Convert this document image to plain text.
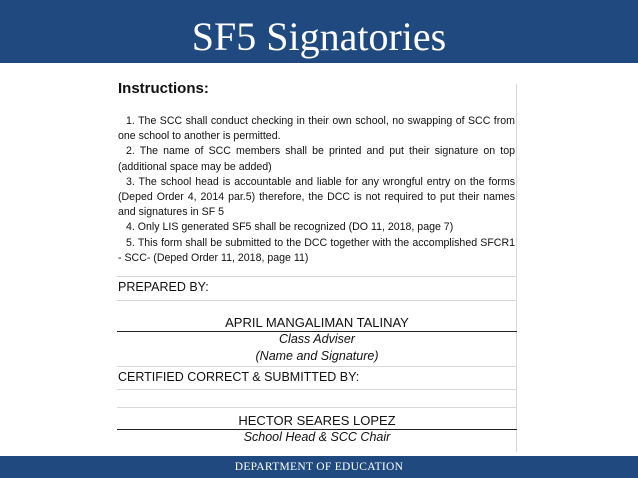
SF5 Signatories
Instructions:

1. The SCC shall conduct checking in their own school, no swapping of SCC from one school to another is permitted.

2. The name of SCC members shall be printed and put their signature on top (additional space may be added)

3. The school head is accountable and liable for any wrongful entry on the forms (Deped Order 4, 2014 par.5) therefore, the DCC is not required to put their names and signatures in SF 5

4. Only LIS generated SF5 shall be recognized (DO 11, 2018, page 7)

5. This form shall be submitted to the DCC together with the accomplished SFCR1 - SCC- (Deped Order 11, 2018, page 11)

PREPARED BY:
APRIL MANGALIMAN TALINAY
Class Adviser
(Name and Signature)
CERTIFIED CORRECT & SUBMITTED BY:
HECTOR SEARES LOPEZ
School Head & SCC Chair
DEPARTMENT OF EDUCATION
